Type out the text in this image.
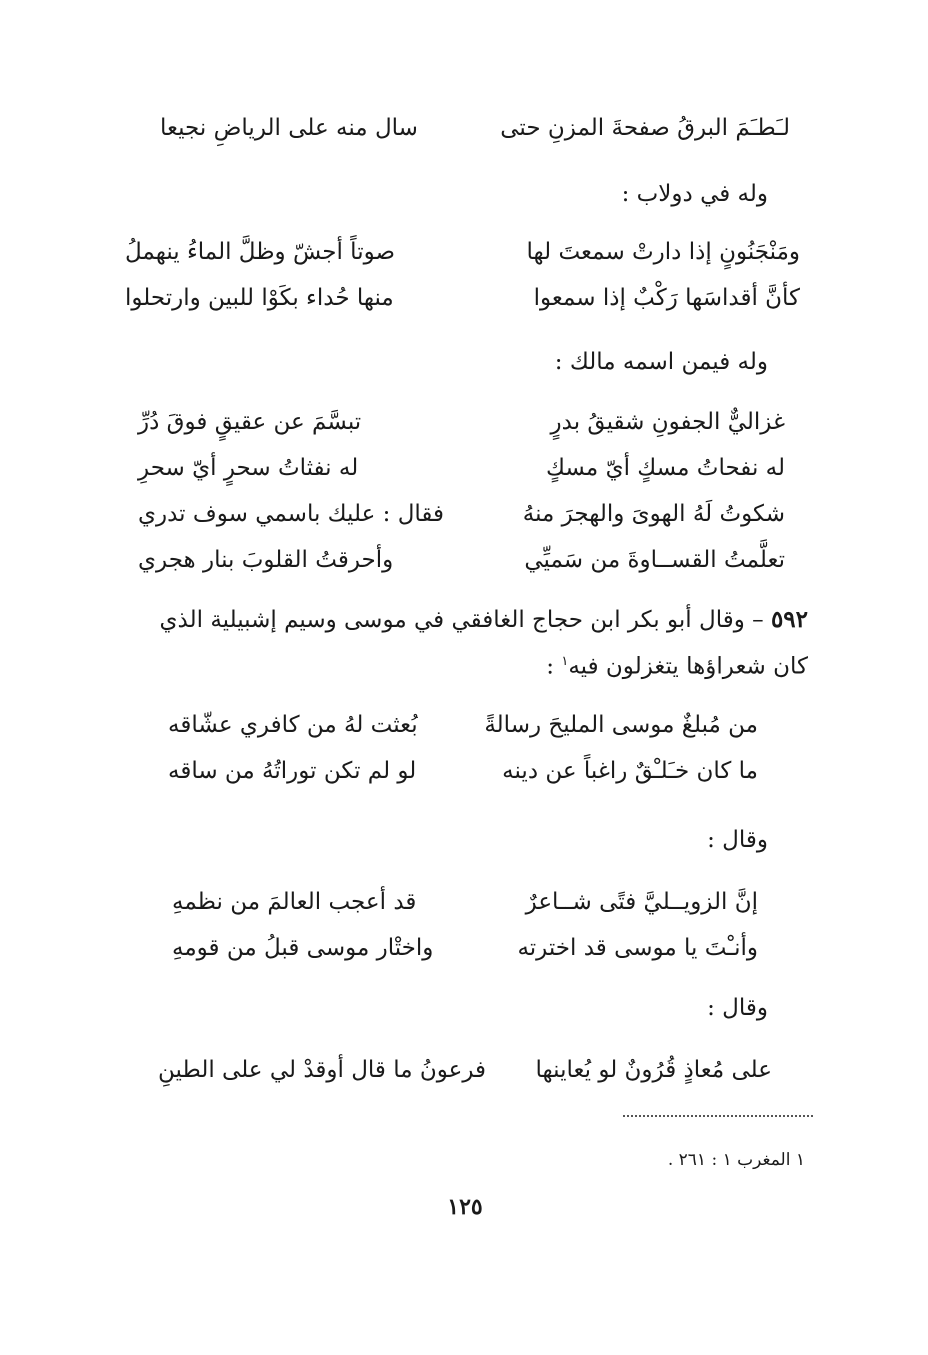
لـَطـَمَ البرقُ صفحةَ المزنِ حتى
سال منه على الرياضِ نجيعا
وله في دولاب :
ومَنْجَنُونٍ إذا دارتْ سمعتَ لها
صوتاً أجشّ وظلَّ الماءُ ينهملُ
كأنَّ أقداسَها رَكْبٌ إذا سمعوا
منها حُداء بكَوْا للبين وارتحلوا
وله فيمن اسمه مالك :
غزاليٌّ الجفونِ شقيقُ بدرٍ
تبسَّمَ عن عقيقٍ فوقَ دُرِّ
له نفحاتُ مسكٍ أيّ مسكٍ
له نفثاتُ سحرٍ أيّ سحرِ
شكوتُ لَهُ الهوىَ والهجرَ منهُ
فقال : عليك باسمي سوف تدري
تعلَّمتُ القســاوةَ من سَميِّي
وأحرقتُ القلوبَ بنار هجري
٥٩٢ – وقال أبو بكر ابن حجاج الغافقي في موسى وسيم إشبيلية الذي
كان شعراؤها يتغزلون فيه$^١$ :
من مُبلغٌ موسى المليحَ رسالةً
بُعثت لهُ من كافري عشّاقه
ما كان خـَلـْقٌ راغباً عن دينه
لو لم تكن توراتُهُ من ساقه
وقال :
إنَّ الزويــليَّ فتًى شــاعرٌ
قد أعجب العالمَ من نظمهِ
وأنـْتَ يا موسى قد اخترته
واختْار موسى قبلُ من قومهِ
وقال :
على مُعاذٍ قُرُونٌ لو يُعاينها
فرعونُ ما قال أوقدْ لي على الطينِ
١ المغرب ١ : ٢٦١ .
١٢٥
